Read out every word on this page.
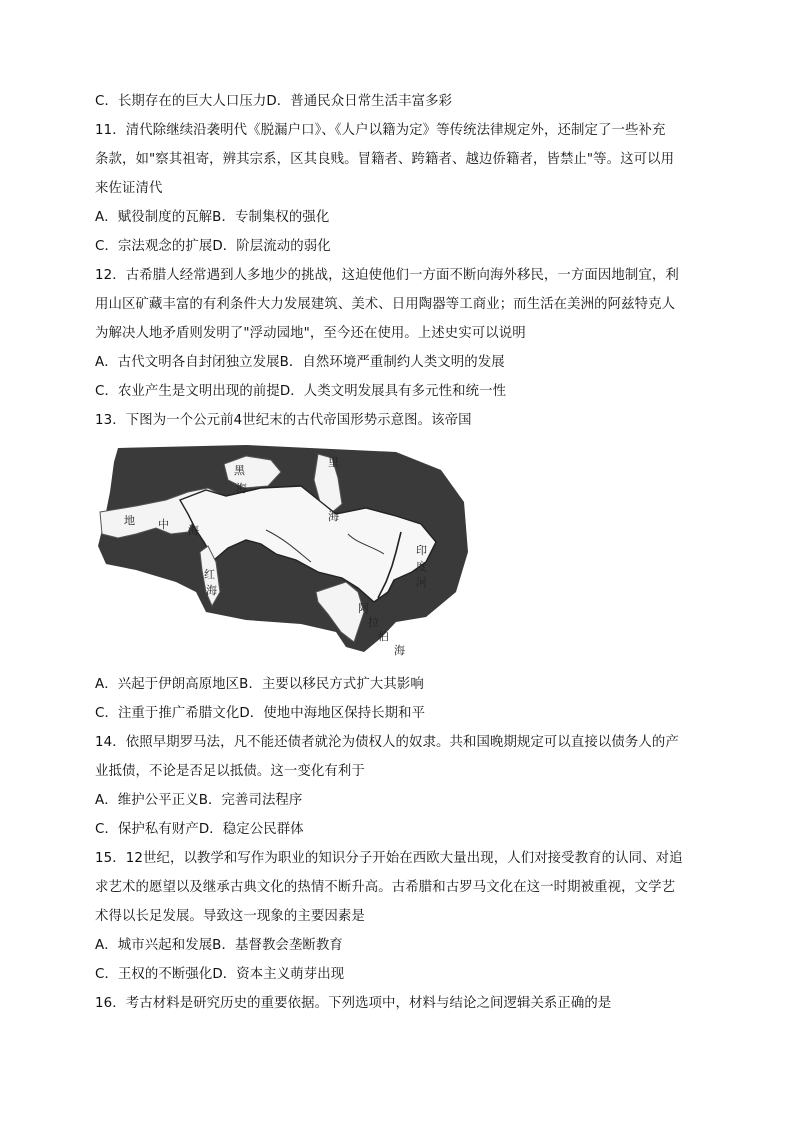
C．长期存在的巨大人口压力D．普通民众日常生活丰富多彩
11．清代除继续沿袭明代《脱漏户口》、《人户以籍为定》等传统法律规定外，还制定了一些补充
条款，如"察其祖寄，辨其宗系，区其良贱。冒籍者、跨籍者、越边侨籍者，皆禁止"等。这可以用
来佐证清代
A．赋役制度的瓦解B．专制集权的强化
C．宗法观念的扩展D．阶层流动的弱化
12．古希腊人经常遇到人多地少的挑战，这迫使他们一方面不断向海外移民，一方面因地制宜，利
用山区矿藏丰富的有利条件大力发展建筑、美术、日用陶器等工商业；而生活在美洲的阿兹特克人
为解决人地矛盾则发明了"浮动园地"，至今还在使用。上述史实可以说明
A．古代文明各自封闭独立发展B．自然环境严重制约人类文明的发展
C．农业产生是文明出现的前提D．人类文明发展具有多元性和统一性
13．下图为一个公元前4世纪末的古代帝国形势示意图。该帝国
黑
海
里
海
地 中 海
红
海
印
度
河
阿
拉
伯
海
A．兴起于伊朗高原地区B．主要以移民方式扩大其影响
C．注重于推广希腊文化D．使地中海地区保持长期和平
14．依照早期罗马法，凡不能还债者就沦为债权人的奴隶。共和国晚期规定可以直接以债务人的产
业抵债，不论是否足以抵债。这一变化有利于
A．维护公平正义B．完善司法程序
C．保护私有财产D．稳定公民群体
15．12世纪，以教学和写作为职业的知识分子开始在西欧大量出现，人们对接受教育的认同、对追
求艺术的愿望以及继承古典文化的热情不断升高。古希腊和古罗马文化在这一时期被重视，文学艺
术得以长足发展。导致这一现象的主要因素是
A．城市兴起和发展B．基督教会垄断教育
C．王权的不断强化D．资本主义萌芽出现
16．考古材料是研究历史的重要依据。下列选项中，材料与结论之间逻辑关系正确的是
